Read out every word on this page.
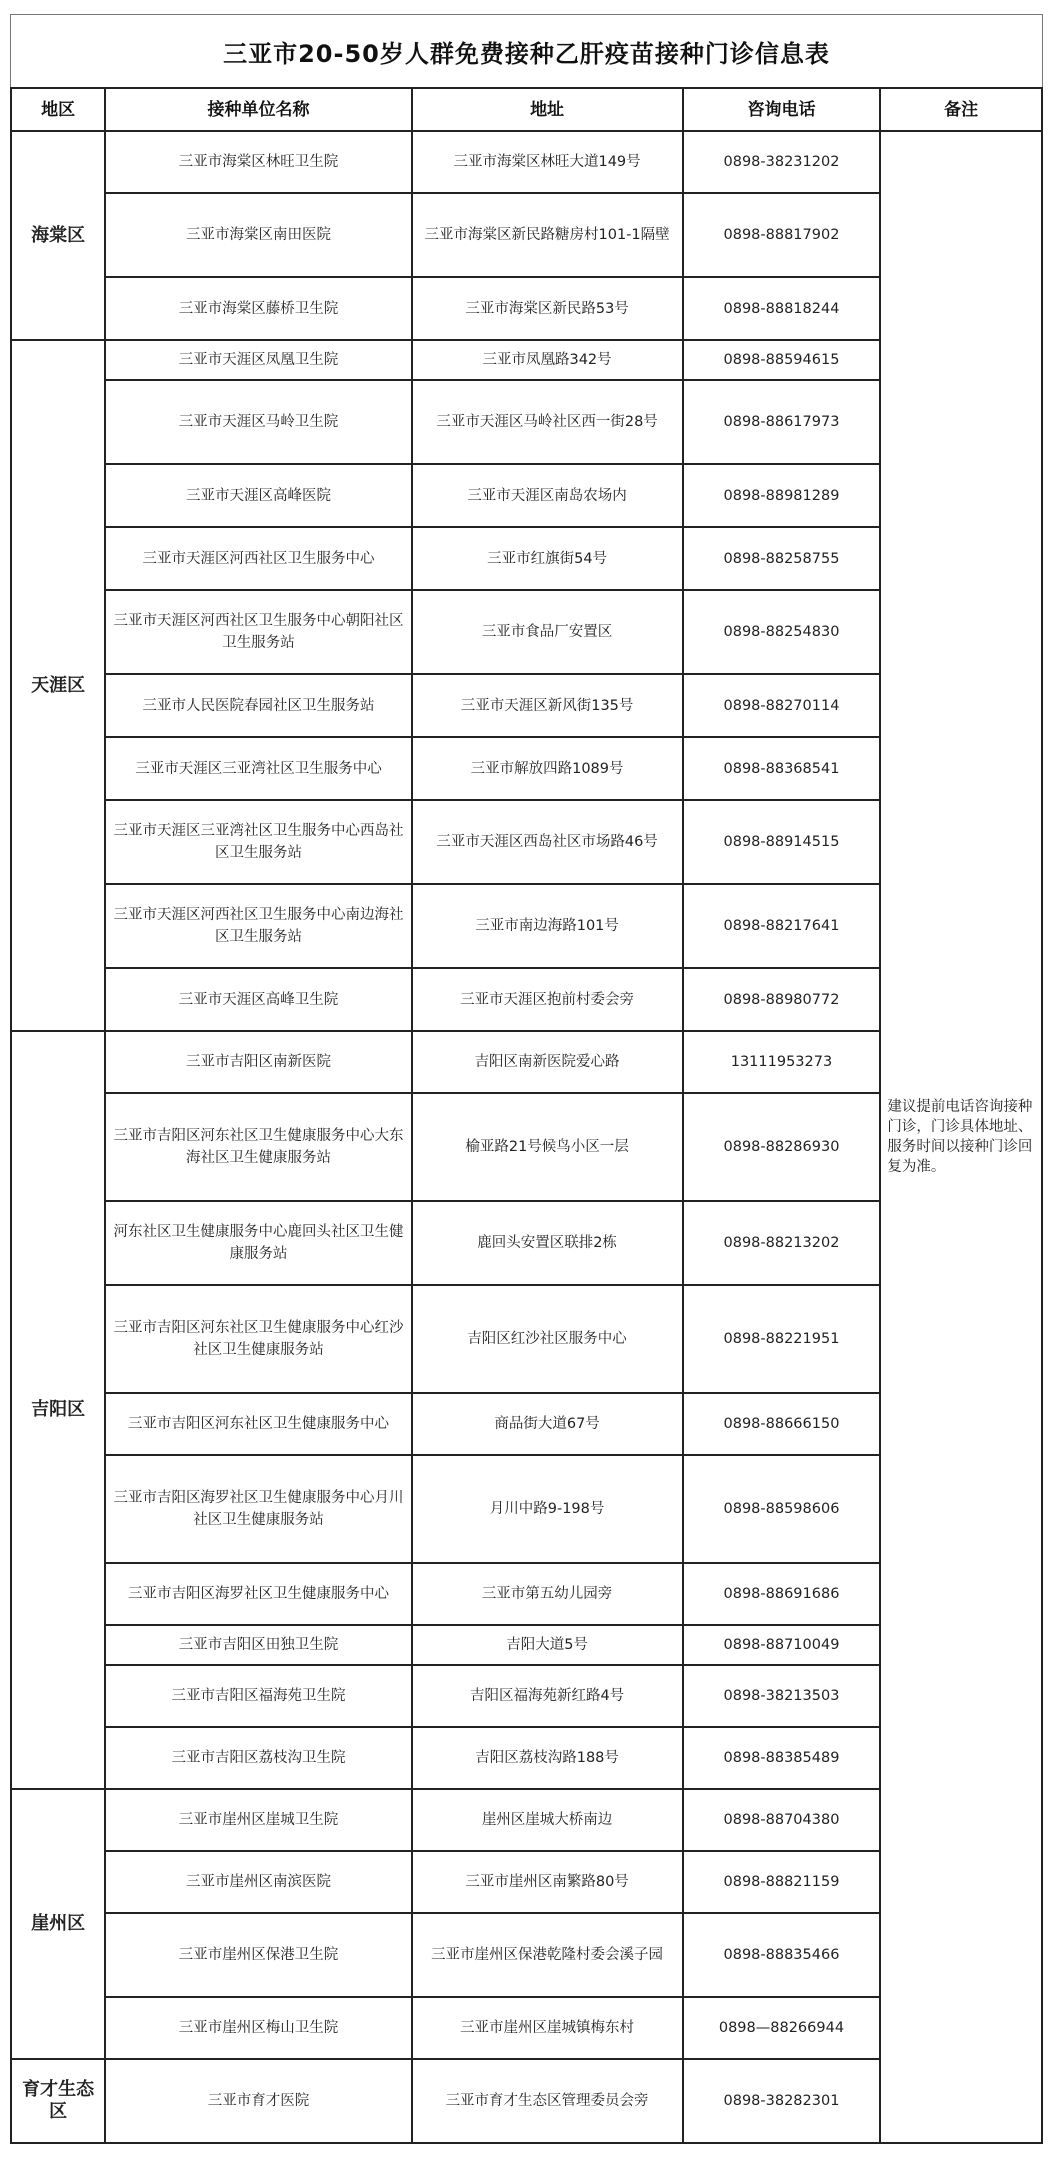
三亚市20-50岁人群免费接种乙肝疫苗接种门诊信息表
地区	接种单位名称	地址	咨询电话	备注
海棠区	三亚市海棠区林旺卫生院	三亚市海棠区林旺大道149号	0898-38231202	建议提前电话咨询接种门诊，门诊具体地址、服务时间以接种门诊回复为准。
	三亚市海棠区南田医院	三亚市海棠区新民路糖房村101-1隔壁	0898-88817902	
	三亚市海棠区藤桥卫生院	三亚市海棠区新民路53号	0898-88818244	
天涯区	三亚市天涯区凤凰卫生院	三亚市凤凰路342号	0898-88594615	
	三亚市天涯区马岭卫生院	三亚市天涯区马岭社区西一街28号	0898-88617973	
	三亚市天涯区高峰医院	三亚市天涯区南岛农场内	0898-88981289	
	三亚市天涯区河西社区卫生服务中心	三亚市红旗街54号	0898-88258755	
	三亚市天涯区河西社区卫生服务中心朝阳社区卫生服务站	三亚市食品厂安置区	0898-88254830	
	三亚市人民医院春园社区卫生服务站	三亚市天涯区新风街135号	0898-88270114	
	三亚市天涯区三亚湾社区卫生服务中心	三亚市解放四路1089号	0898-88368541	
	三亚市天涯区三亚湾社区卫生服务中心西岛社区卫生服务站	三亚市天涯区西岛社区市场路46号	0898-88914515	
	三亚市天涯区河西社区卫生服务中心南边海社区卫生服务站	三亚市南边海路101号	0898-88217641	
	三亚市天涯区高峰卫生院	三亚市天涯区抱前村委会旁	0898-88980772	
吉阳区	三亚市吉阳区南新医院	吉阳区南新医院爱心路	13111953273	
	三亚市吉阳区河东社区卫生健康服务中心大东海社区卫生健康服务站	榆亚路21号候鸟小区一层	0898-88286930	
	河东社区卫生健康服务中心鹿回头社区卫生健康服务站	鹿回头安置区联排2栋	0898-88213202	
	三亚市吉阳区河东社区卫生健康服务中心红沙社区卫生健康服务站	吉阳区红沙社区服务中心	0898-88221951	
	三亚市吉阳区河东社区卫生健康服务中心	商品街大道67号	0898-88666150	
	三亚市吉阳区海罗社区卫生健康服务中心月川社区卫生健康服务站	月川中路9-198号	0898-88598606	
	三亚市吉阳区海罗社区卫生健康服务中心	三亚市第五幼儿园旁	0898-88691686	
	三亚市吉阳区田独卫生院	吉阳大道5号	0898-88710049	
	三亚市吉阳区福海苑卫生院	吉阳区福海苑新红路4号	0898-38213503	
	三亚市吉阳区荔枝沟卫生院	吉阳区荔枝沟路188号	0898-88385489	
崖州区	三亚市崖州区崖城卫生院	崖州区崖城大桥南边	0898-88704380	
	三亚市崖州区南滨医院	三亚市崖州区南繁路80号	0898-88821159	
	三亚市崖州区保港卫生院	三亚市崖州区保港乾隆村委会溪子园	0898-88835466	
	三亚市崖州区梅山卫生院	三亚市崖州区崖城镇梅东村	0898—88266944	
育才生态区	三亚市育才医院	三亚市育才生态区管理委员会旁	0898-38282301	
